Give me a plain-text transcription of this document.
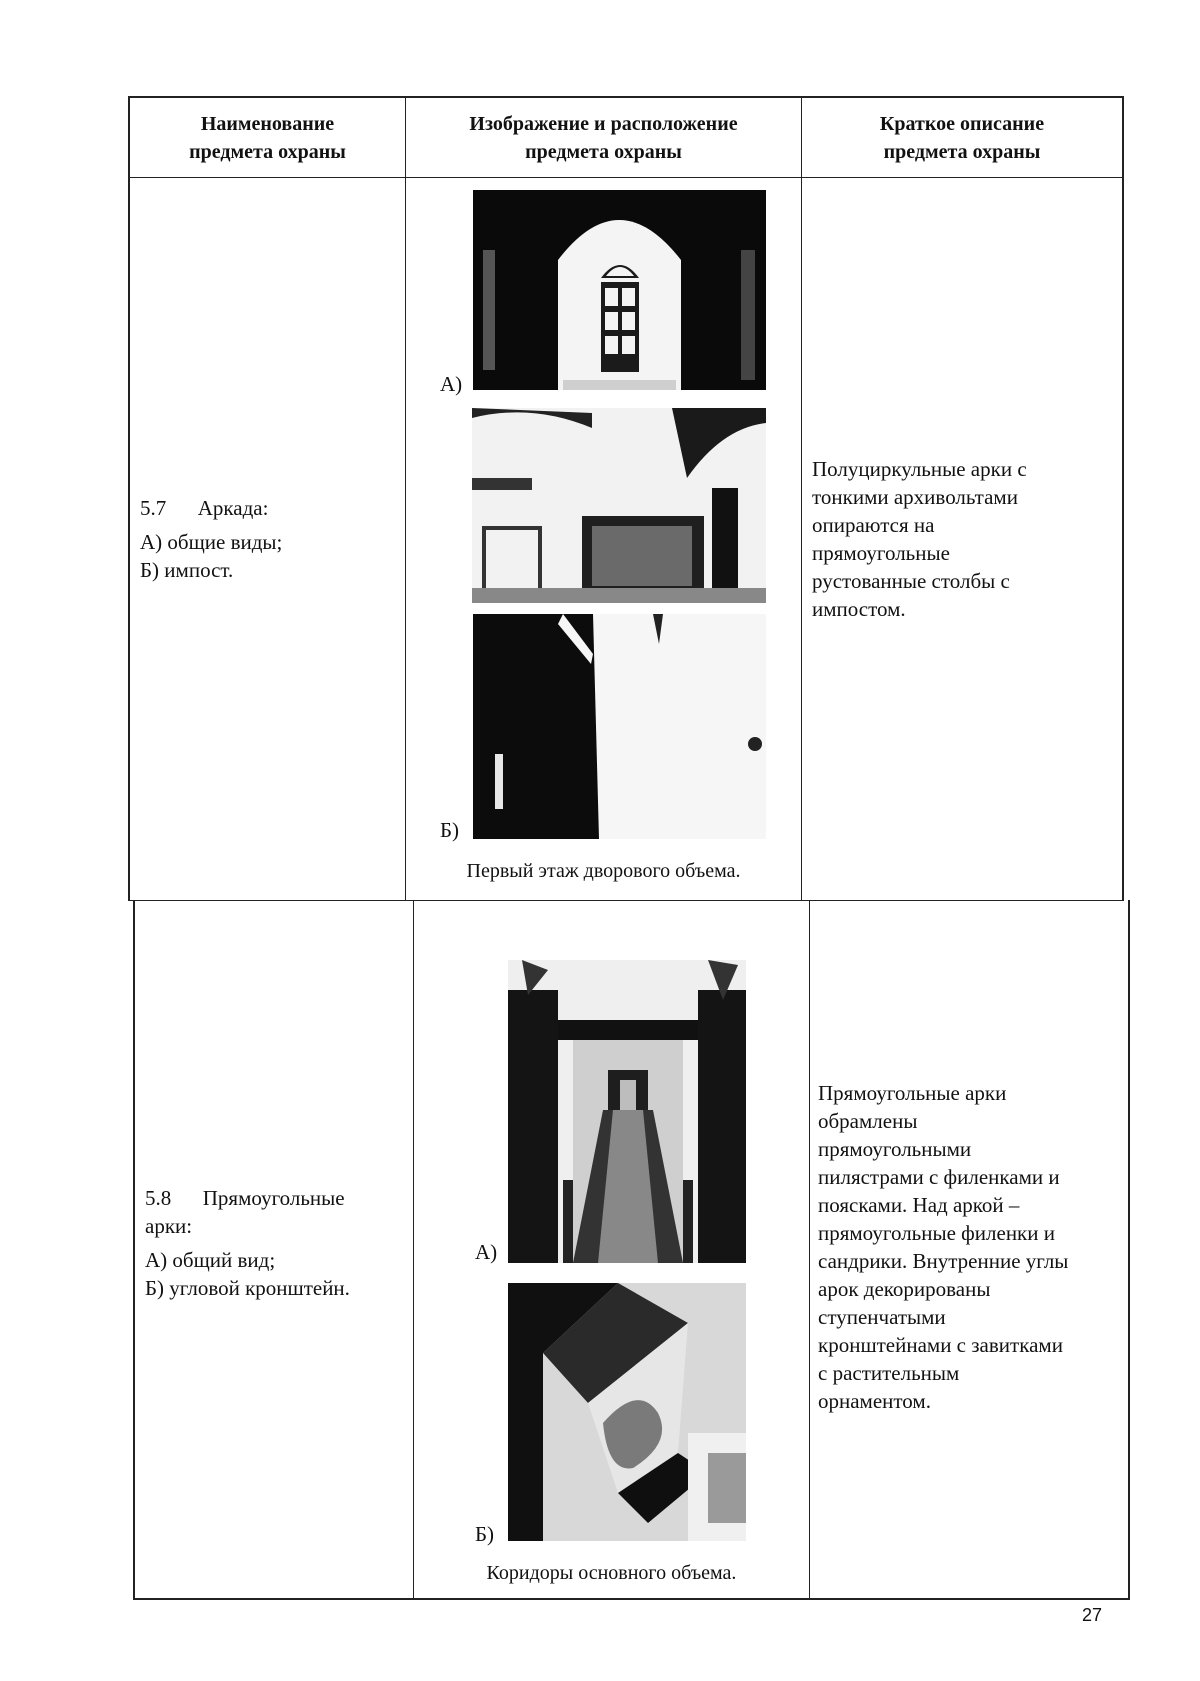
Наименование

предмета охраны

Изображение и расположение

предмета охраны

Краткое описание

предмета охраны

5.7      Аркада:

А) общие виды;

Б) импост.

А)
Б)
Первый этаж дворового объема.

Полуциркульные арки с

тонкими архивольтами

опираются на

прямоугольные

рустованные столбы с

импостом.

5.8      Прямоугольные

арки:

А) общий вид;

Б) угловой кронштейн.

А)
Б)
Коридоры основного объема.

Прямоугольные арки

обрамлены

прямоугольными

пилястрами с филенками и

поясками. Над аркой –

прямоугольные филенки и

сандрики. Внутренние углы

арок декорированы

ступенчатыми

кронштейнами с завитками

с растительным

орнаментом.

27
